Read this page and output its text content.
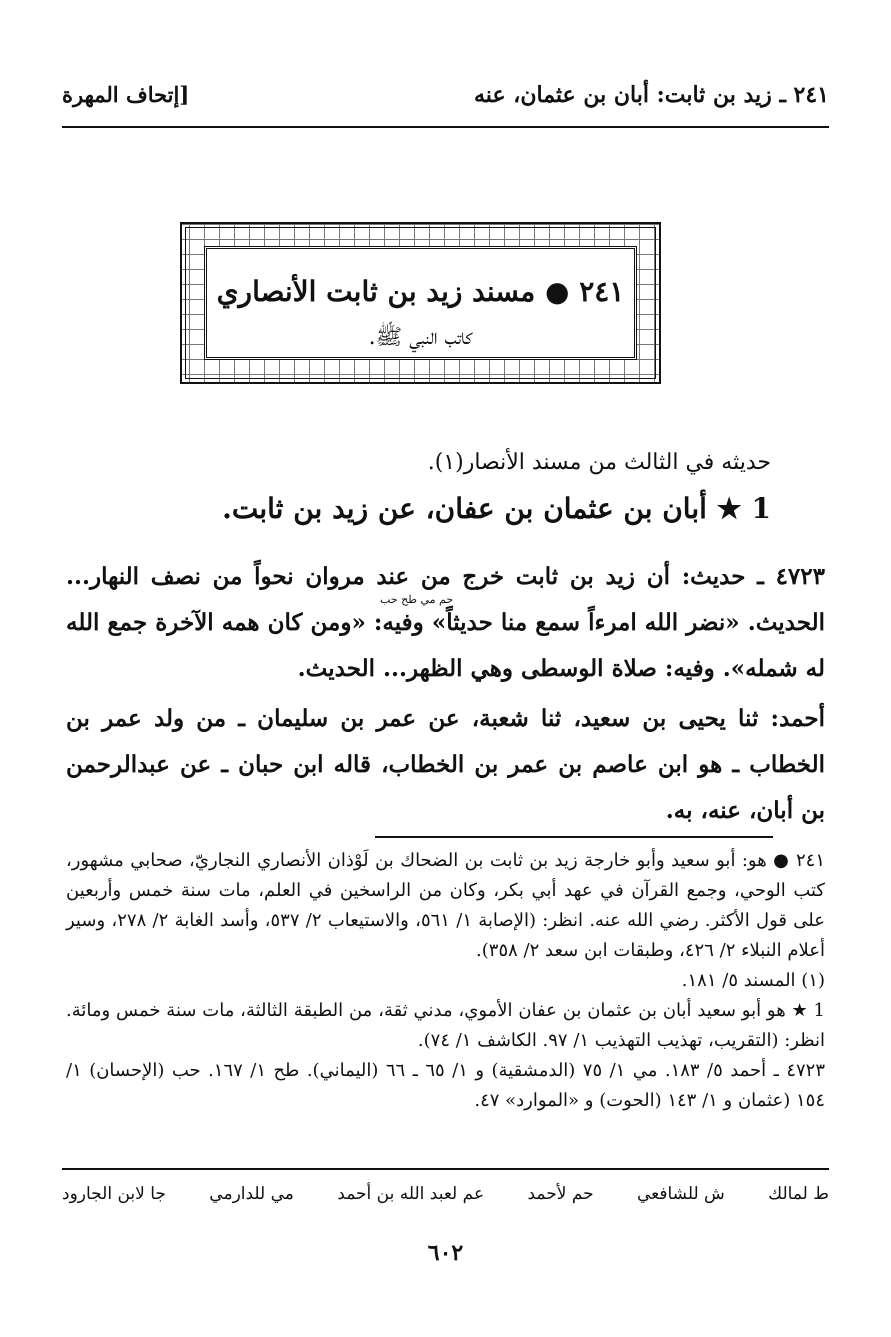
٢٤١ ـ زيد بن ثابت: أبان بن عثمان، عنه
[إتحاف المهرة
٢٤١ ● مسند زيد بن ثابت الأنصاري
كاتب النبي ﷺ.
حديثه في الثالث من مسند الأنصار(١).
1 ★ أبان بن عثمان بن عفان، عن زيد بن ثابت.
حم مي طح حب
٤٧٢٣ ـ حديث: أن زيد بن ثابت خرج من عند مروان نحواً من نصف النهار... الحديث. «نضر الله امرءاً سمع منا حديثاً» وفيه: «ومن كان همه الآخرة جمع الله له شمله». وفيه: صلاة الوسطى وهي الظهر... الحديث.
أحمد: ثنا يحيى بن سعيد، ثنا شعبة، عن عمر بن سليمان ـ من ولد عمر بن الخطاب ـ هو ابن عاصم بن عمر بن الخطاب، قاله ابن حبان ـ عن عبدالرحمن بن أبان، عنه، به.

٢٤١ ● هو: أبو سعيد وأبو خارجة زيد بن ثابت بن الضحاك بن لَوْذان الأنصاري النجاريّ، صحابي مشهور، كتب الوحي، وجمع القرآن في عهد أبي بكر، وكان من الراسخين في العلم، مات سنة خمس وأربعين على قول الأكثر. رضي الله عنه. انظر: (الإصابة ١/ ٥٦١، والاستيعاب ٢/ ٥٣٧، وأسد الغابة ٢/ ٢٧٨، وسير أعلام النبلاء ٢/ ٤٢٦، وطبقات ابن سعد ٢/ ٣٥٨).

(١) المسند ٥/ ١٨١.

1 ★ هو أبو سعيد أبان بن عثمان بن عفان الأموي، مدني ثقة، من الطبقة الثالثة، مات سنة خمس ومائة. انظر: (التقريب، تهذيب التهذيب ١/ ٩٧. الكاشف ١/ ٧٤).

٤٧٢٣ ـ أحمد ٥/ ١٨٣. مي ١/ ٧٥ (الدمشقية) و ١/ ٦٥ ـ ٦٦ (اليماني). طح ١/ ١٦٧. حب (الإحسان) ١/ ١٥٤ (عثمان و ١/ ١٤٣ (الحوت) و «الموارد» ٤٧.

ط لمالك
ش للشافعي
حم لأحمد
عم لعبد الله بن أحمد
مي للدارمي
جا لابن الجارود
٦٠٢
